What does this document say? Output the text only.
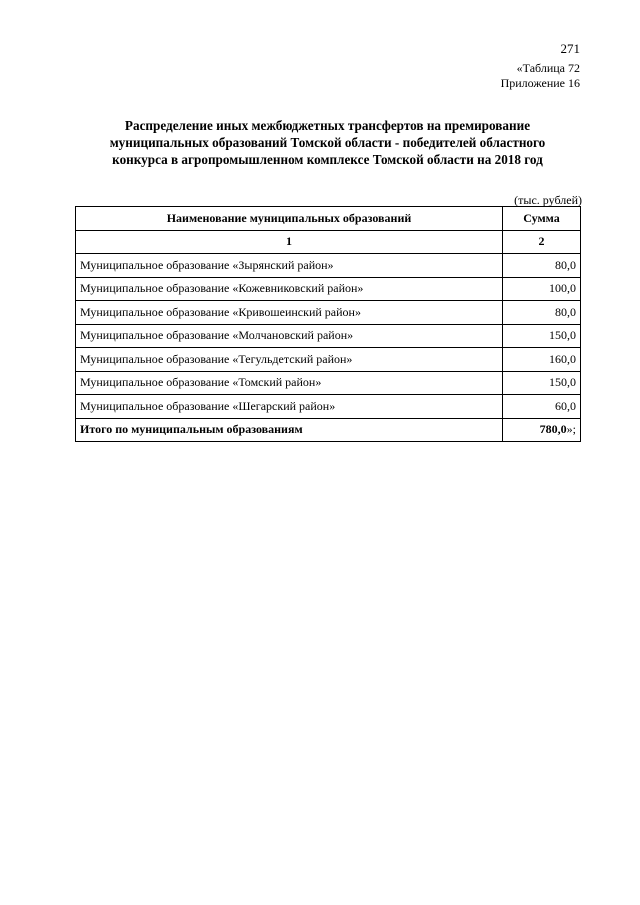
271
«Таблица 72
Приложение 16
Распределение иных межбюджетных трансфертов на премирование
муниципальных образований Томской области - победителей областного
конкурса в агропромышленном комплексе Томской области на 2018 год
(тыс. рублей)
Наименование муниципальных образований	Сумма
1	2
Муниципальное образование «Зырянский район»	80,0
Муниципальное образование «Кожевниковский район»	100,0
Муниципальное образование «Кривошеинский район»	80,0
Муниципальное образование «Молчановский район»	150,0
Муниципальное образование «Тегульдетский район»	160,0
Муниципальное образование «Томский район»	150,0
Муниципальное образование «Шегарский район»	60,0
Итого по муниципальным образованиям	780,0»;
